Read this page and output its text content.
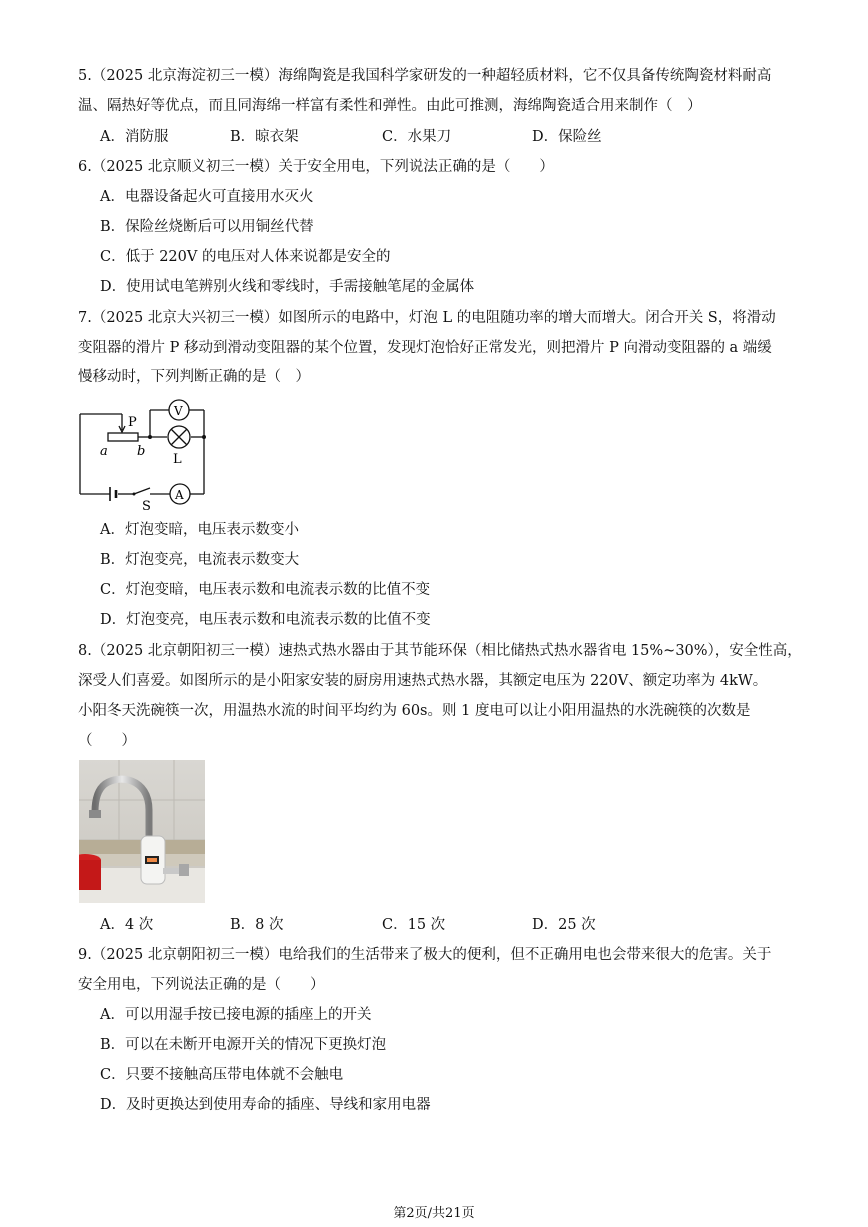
5.（2025 北京海淀初三一模）海绵陶瓷是我国科学家研发的一种超轻质材料，它不仅具备传统陶瓷材料耐高
温、隔热好等优点，而且同海绵一样富有柔性和弹性。由此可推测，海绵陶瓷适合用来制作（　）
A．消防服	B．晾衣架	C．水果刀	D．保险丝
6.（2025 北京顺义初三一模）关于安全用电，下列说法正确的是（　　）
A．电器设备起火可直接用水灭火
B．保险丝烧断后可以用铜丝代替
C．低于 220V 的电压对人体来说都是安全的
D．使用试电笔辨别火线和零线时，手需接触笔尾的金属体
7.（2025 北京大兴初三一模）如图所示的电路中，灯泡 L 的电阻随功率的增大而增大。闭合开关 S，将滑动
变阻器的滑片 P 移动到滑动变阻器的某个位置，发现灯泡恰好正常发光，则把滑片 P 向滑动变阻器的 a 端缓
慢移动时，下列判断正确的是（　）
P
a b
L
S
V
A
A．灯泡变暗，电压表示数变小
B．灯泡变亮，电流表示数变大
C．灯泡变暗，电压表示数和电流表示数的比值不变
D．灯泡变亮，电压表示数和电流表示数的比值不变
8.（2025 北京朝阳初三一模）速热式热水器由于其节能环保（相比储热式热水器省电 15%~30%），安全性高，
深受人们喜爱。如图所示的是小阳家安装的厨房用速热式热水器，其额定电压为 220V、额定功率为 4kW。
小阳冬天洗碗筷一次，用温热水流的时间平均约为 60s。则 1 度电可以让小阳用温热的水洗碗筷的次数是
（　　）
A．4 次	B．8 次	C．15 次	D．25 次
9.（2025 北京朝阳初三一模）电给我们的生活带来了极大的便利，但不正确用电也会带来很大的危害。关于
安全用电，下列说法正确的是（　　）
A．可以用湿手按已接电源的插座上的开关
B．可以在未断开电源开关的情况下更换灯泡
C．只要不接触高压带电体就不会触电
D．及时更换达到使用寿命的插座、导线和家用电器
第2页/共21页
